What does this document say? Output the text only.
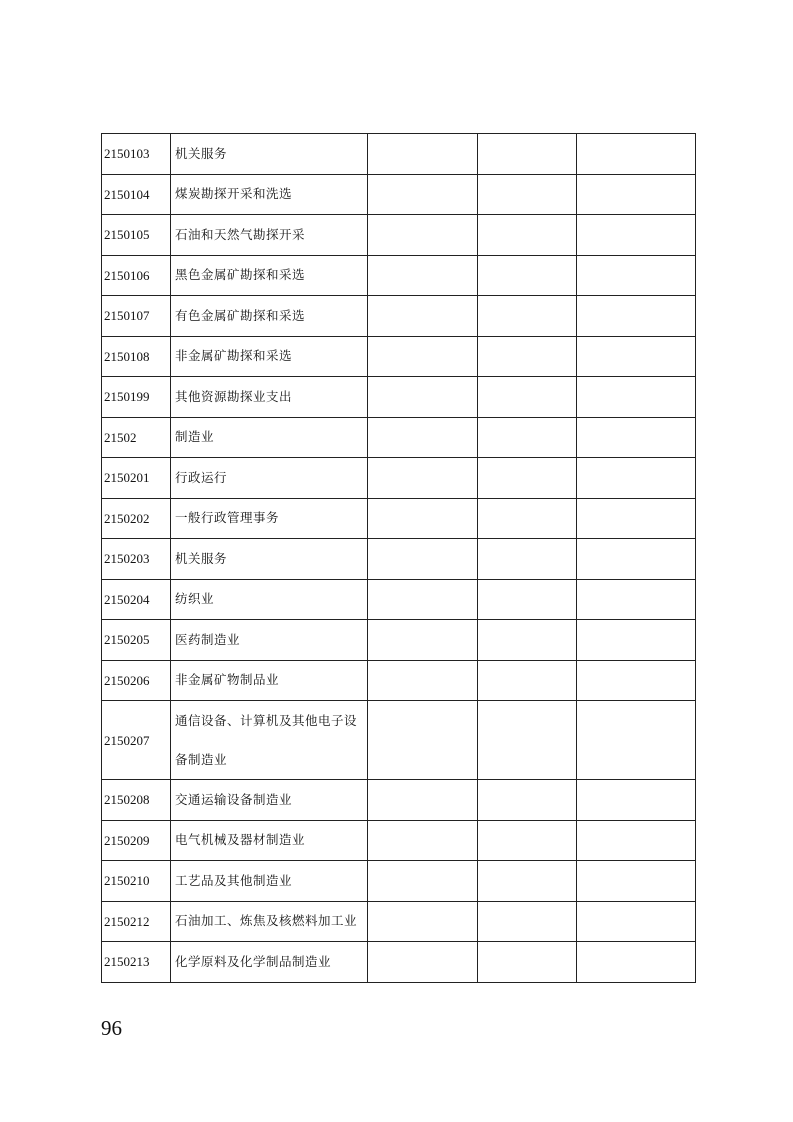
2150103	机关服务			
2150104	煤炭勘探开采和洗选			
2150105	石油和天然气勘探开采			
2150106	黑色金属矿勘探和采选			
2150107	有色金属矿勘探和采选			
2150108	非金属矿勘探和采选			
2150199	其他资源勘探业支出			
21502	制造业			
2150201	行政运行			
2150202	一般行政管理事务			
2150203	机关服务			
2150204	纺织业			
2150205	医药制造业			
2150206	非金属矿物制品业			
2150207	通信设备、计算机及其他电子设备制造业			
2150208	交通运输设备制造业			
2150209	电气机械及器材制造业			
2150210	工艺品及其他制造业			
2150212	石油加工、炼焦及核燃料加工业			
2150213	化学原料及化学制品制造业			
96
